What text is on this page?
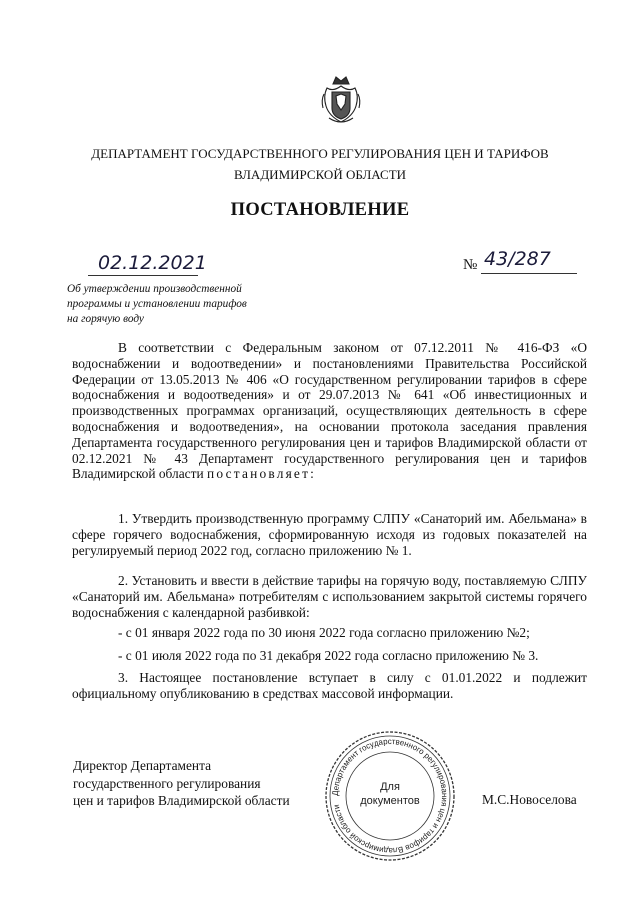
ДЕПАРТАМЕНТ ГОСУДАРСТВЕННОГО РЕГУЛИРОВАНИЯ ЦЕН И ТАРИФОВ
ВЛАДИМИРСКОЙ ОБЛАСТИ
ПОСТАНОВЛЕНИЕ
02.12.2021	№ 43/287
Об утверждении производственной
программы и установлении тарифов
на горячую воду
В соответствии с Федеральным законом от 07.12.2011 № 416-ФЗ «О водоснабжении и водоотведении» и постановлениями Правительства Российской Федерации от 13.05.2013 № 406 «О государственном регулировании тарифов в сфере водоснабжения и водоотведения» и от 29.07.2013 № 641 «Об инвестиционных и производственных программах организаций, осуществляющих деятельность в сфере водоснабжения и водоотведения», на основании протокола заседания правления Департамента государственного регулирования цен и тарифов Владимирской области от 02.12.2021 № 43 Департамент государственного регулирования цен и тарифов Владимирской области постановляет:
1. Утвердить производственную программу СЛПУ «Санаторий им. Абельмана» в сфере горячего водоснабжения, сформированную исходя из годовых показателей на регулируемый период 2022 год, согласно приложению № 1.
2. Установить и ввести в действие тарифы на горячую воду, поставляемую СЛПУ «Санаторий им. Абельмана» потребителям с использованием закрытой системы горячего водоснабжения с календарной разбивкой:
- с 01 января 2022 года по 30 июня 2022 года согласно приложению №2;
- с 01 июля 2022 года по 31 декабря 2022 года согласно приложению № 3.
3. Настоящее постановление вступает в силу с 01.01.2022 и подлежит официальному опубликованию в средствах массовой информации.
Директор Департамента
государственного регулирования
цен и тарифов Владимирской области	Департамент государственного регулирования цен и тарифов Владимирской области
Для
документов	М.С.Новоселова
